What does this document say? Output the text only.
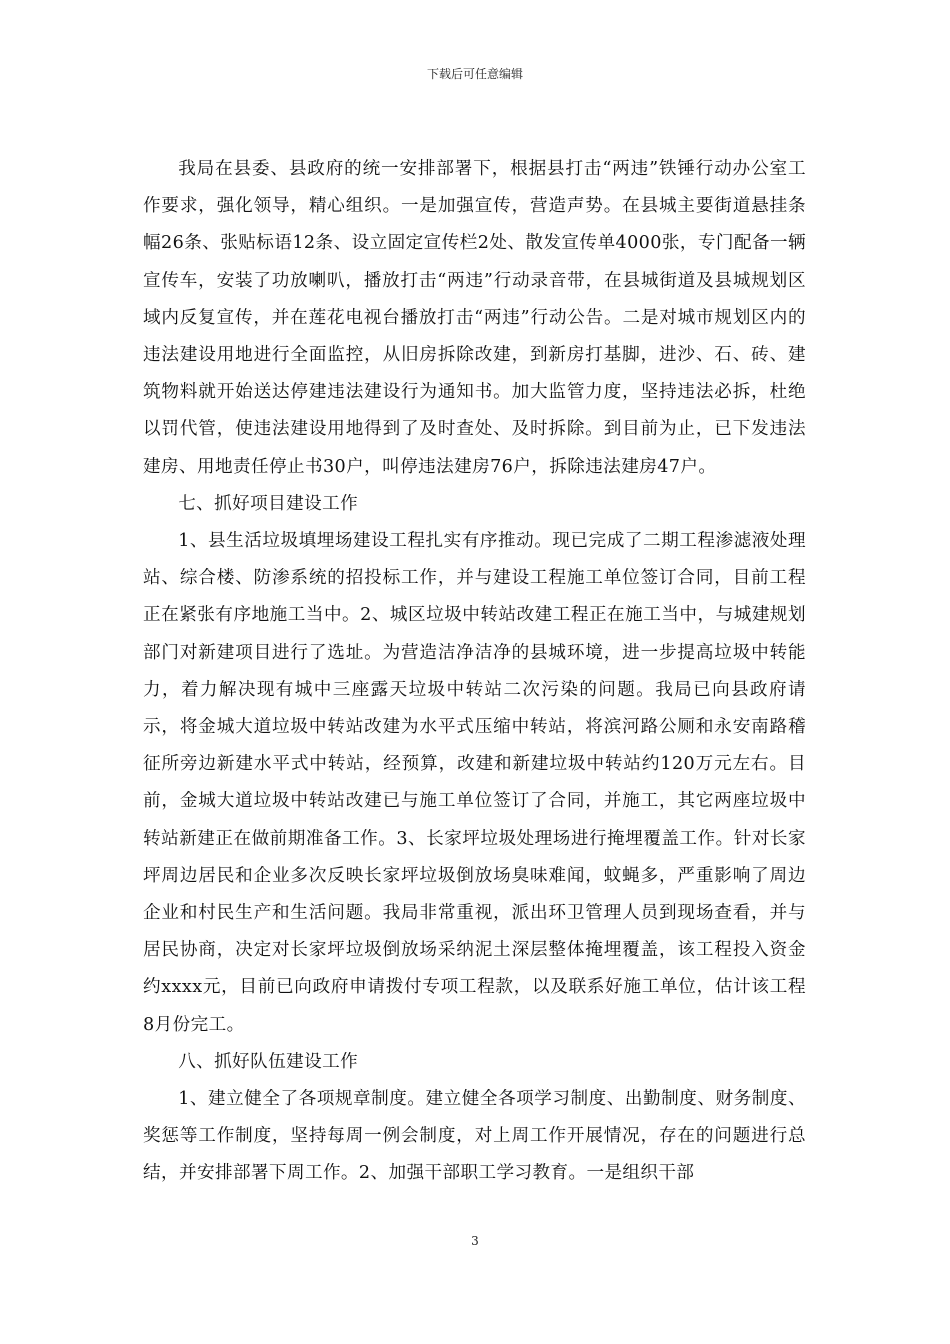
下载后可任意编辑

我局在县委、县政府的统一安排部署下，根据县打击“两违”铁锤行动办公室工作要求，强化领导，精心组织。一是加强宣传，营造声势。在县城主要街道悬挂条幅26条、张贴标语12条、设立固定宣传栏2处、散发宣传单4000张，专门配备一辆宣传车，安装了功放喇叭，播放打击“两违”行动录音带，在县城街道及县城规划区域内反复宣传，并在莲花电视台播放打击“两违”行动公告。二是对城市规划区内的违法建设用地进行全面监控，从旧房拆除改建，到新房打基脚，进沙、石、砖、建筑物料就开始送达停建违法建设行为通知书。加大监管力度，坚持违法必拆，杜绝以罚代管，使违法建设用地得到了及时查处、及时拆除。到目前为止，已下发违法建房、用地责任停止书30户，叫停违法建房76户，拆除违法建房47户。

七、抓好项目建设工作

1、县生活垃圾填埋场建设工程扎实有序推动。现已完成了二期工程渗滤液处理站、综合楼、防渗系统的招投标工作，并与建设工程施工单位签订合同，目前工程正在紧张有序地施工当中。2、城区垃圾中转站改建工程正在施工当中，与城建规划部门对新建项目进行了选址。为营造洁净洁净的县城环境，进一步提高垃圾中转能力，着力解决现有城中三座露天垃圾中转站二次污染的问题。我局已向县政府请示，将金城大道垃圾中转站改建为水平式压缩中转站，将滨河路公厕和永安南路稽征所旁边新建水平式中转站，经预算，改建和新建垃圾中转站约120万元左右。目前，金城大道垃圾中转站改建已与施工单位签订了合同，并施工，其它两座垃圾中转站新建正在做前期准备工作。3、长家坪垃圾处理场进行掩埋覆盖工作。针对长家坪周边居民和企业多次反映长家坪垃圾倒放场臭味难闻，蚊蝇多，严重影响了周边企业和村民生产和生活问题。我局非常重视，派出环卫管理人员到现场查看，并与居民协商，决定对长家坪垃圾倒放场采纳泥土深层整体掩埋覆盖，该工程投入资金约xxxx元，目前已向政府申请拨付专项工程款，以及联系好施工单位，估计该工程8月份完工。

八、抓好队伍建设工作

1、建立健全了各项规章制度。建立健全各项学习制度、出勤制度、财务制度、奖惩等工作制度，坚持每周一例会制度，对上周工作开展情况，存在的问题进行总结，并安排部署下周工作。2、加强干部职工学习教育。一是组织干部

3
